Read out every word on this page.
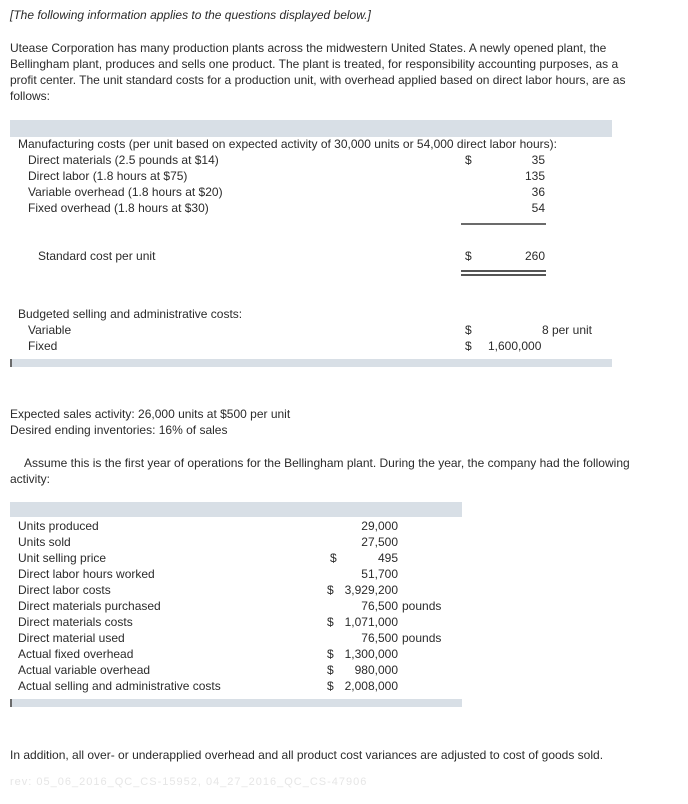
[The following information applies to the questions displayed below.]
Utease Corporation has many production plants across the midwestern United States. A newly opened plant, the Bellingham plant, produces and sells one product. The plant is treated, for responsibility accounting purposes, as a profit center. The unit standard costs for a production unit, with overhead applied based on direct labor hours, are as follows:
Manufacturing costs (per unit based on expected activity of 30,000 units or 54,000 direct labor hours):
Direct materials (2.5 pounds at $14)	$	35
Direct labor (1.8 hours at $75)	135
Variable overhead (1.8 hours at $20)	36
Fixed overhead (1.8 hours at $30)	54
Standard cost per unit	$	260
Budgeted selling and administrative costs:
Variable	$	8 per unit
Fixed	$ 1,600,000
Expected sales activity: 26,000 units at $500 per unit
Desired ending inventories: 16% of sales
Assume this is the first year of operations for the Bellingham plant. During the year, the company had the following activity:
Units produced	29,000
Units sold	27,500
Unit selling price	$	495
Direct labor hours worked	51,700
Direct labor costs	$ 3,929,200
Direct materials purchased	76,500 pounds
Direct materials costs	$ 1,071,000
Direct material used	76,500 pounds
Actual fixed overhead	$ 1,300,000
Actual variable overhead	$	980,000
Actual selling and administrative costs	$ 2,008,000
In addition, all over- or underapplied overhead and all product cost variances are adjusted to cost of goods sold.
rev: 05_06_2016_QC_CS-15952, 04_27_2016_QC_CS-47906
